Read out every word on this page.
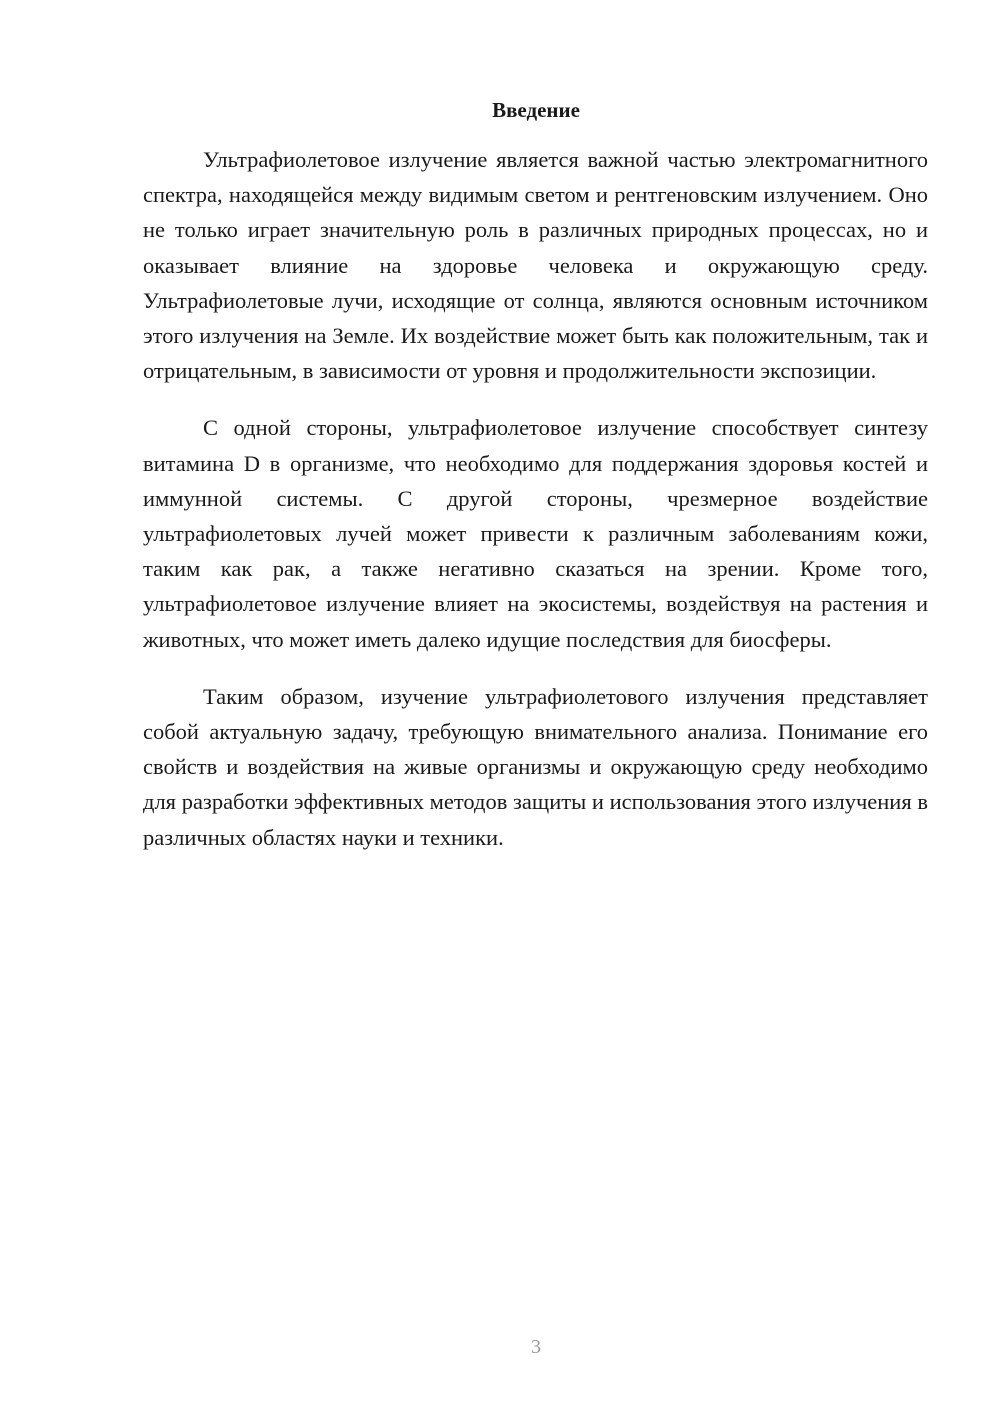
Введение

Ультрафиолетовое излучение является важной частью электромагнитного спектра, находящейся между видимым светом и рентгеновским излучением. Оно не только играет значительную роль в различных природных процессах, но и оказывает влияние на здоровье человека и окружающую среду. Ультрафиолетовые лучи, исходящие от солнца, являются основным источником этого излучения на Земле. Их воздействие может быть как положительным, так и отрицательным, в зависимости от уровня и продолжительности экспозиции.

С одной стороны, ультрафиолетовое излучение способствует синтезу витамина D в организме, что необходимо для поддержания здоровья костей и иммунной системы. С другой стороны, чрезмерное воздействие ультрафиолетовых лучей может привести к различным заболеваниям кожи, таким как рак, а также негативно сказаться на зрении. Кроме того, ультрафиолетовое излучение влияет на экосистемы, воздействуя на растения и животных, что может иметь далеко идущие последствия для биосферы.

Таким образом, изучение ультрафиолетового излучения представляет собой актуальную задачу, требующую внимательного анализа. Понимание его свойств и воздействия на живые организмы и окружающую среду необходимо для разработки эффективных методов защиты и использования этого излучения в различных областях науки и техники.

3
